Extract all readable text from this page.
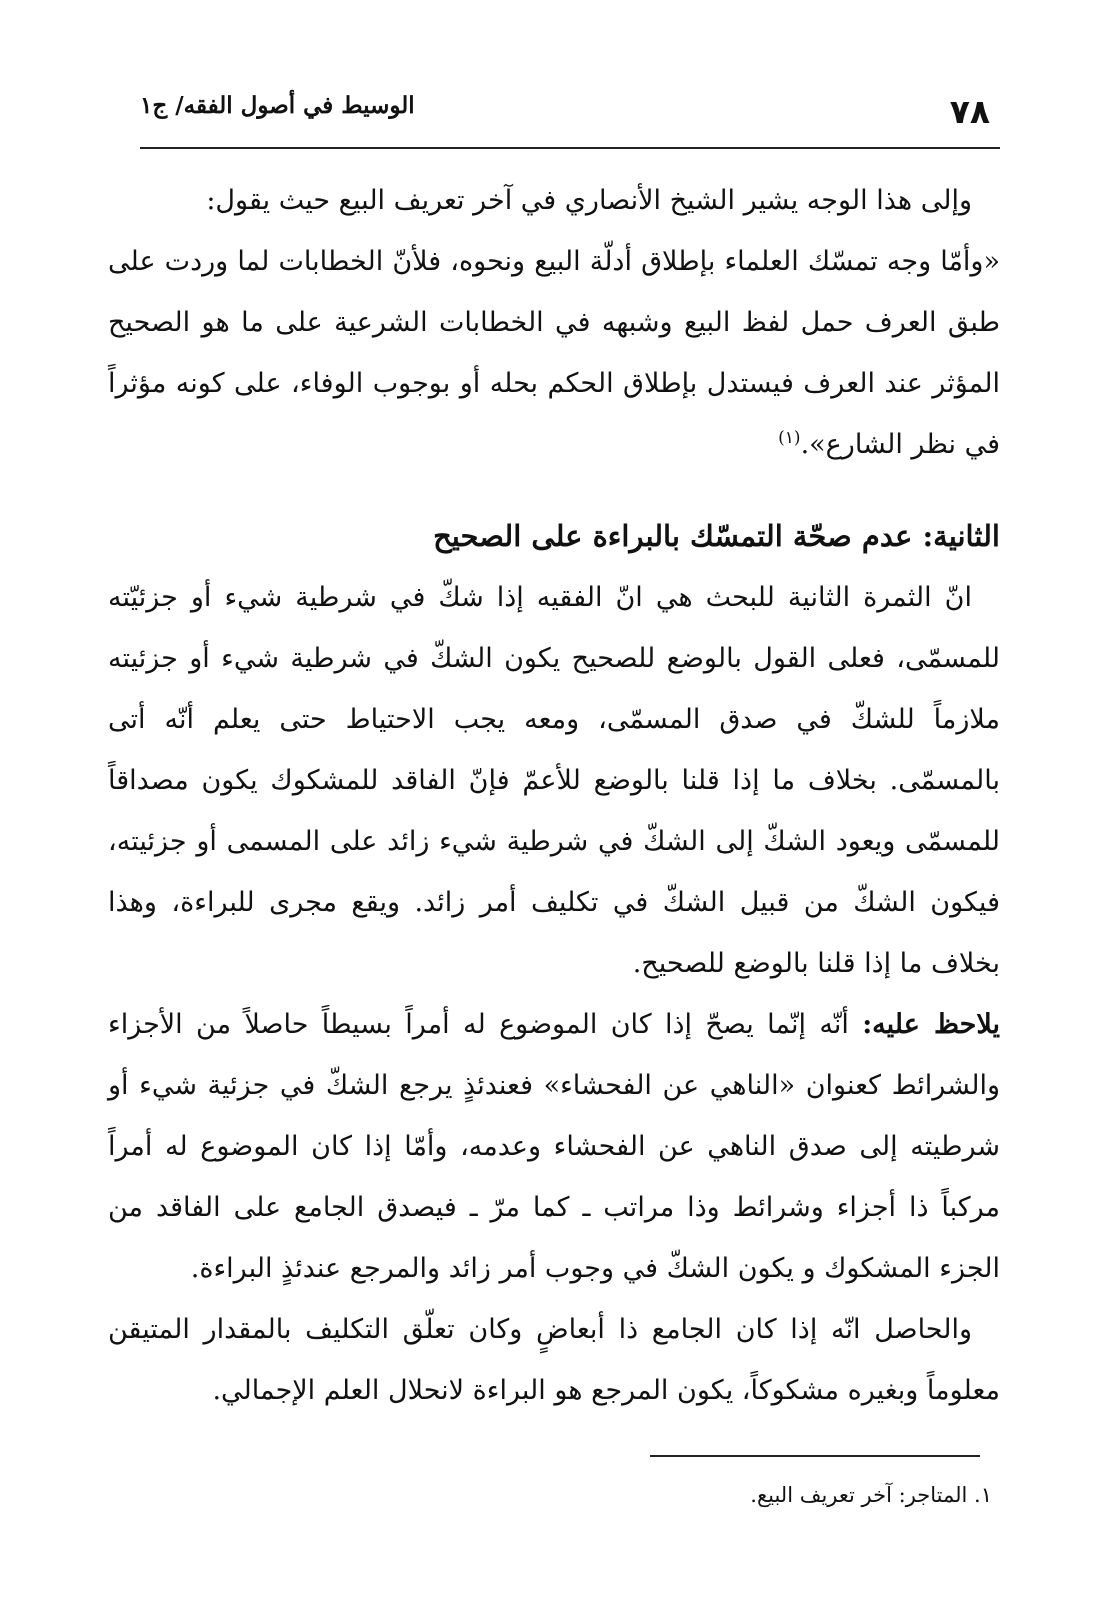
٧٨
الوسيط في أصول الفقه/ ج١

وإلى هذا الوجه يشير الشيخ الأنصاري في آخر تعريف البيع حيث يقول:

«وأمّا وجه تمسّك العلماء بإطلاق أدلّة البيع ونحوه، فلأنّ الخطابات لما وردت على طبق العرف حمل لفظ البيع وشبهه في الخطابات الشرعية على ما هو الصحيح المؤثر عند العرف فيستدل بإطلاق الحكم بحله أو بوجوب الوفاء، على كونه مؤثراً في نظر الشارع».$^{(١)}$

الثانية: عدم صحّة التمسّك بالبراءة على الصحيح

انّ الثمرة الثانية للبحث هي انّ الفقيه إذا شكّ في شرطية شيء أو جزئيّته للمسمّى، فعلى القول بالوضع للصحيح يكون الشكّ في شرطية شيء أو جزئيته ملازماً للشكّ في صدق المسمّى، ومعه يجب الاحتياط حتى يعلم أنّه أتى بالمسمّى. بخلاف ما إذا قلنا بالوضع للأعمّ فإنّ الفاقد للمشكوك يكون مصداقاً للمسمّى ويعود الشكّ إلى الشكّ في شرطية شيء زائد على المسمى أو جزئيته، فيكون الشكّ من قبيل الشكّ في تكليف أمر زائد. ويقع مجرى للبراءة، وهذا بخلاف ما إذا قلنا بالوضع للصحيح.

يلاحظ عليه: أنّه إنّما يصحّ إذا كان الموضوع له أمراً بسيطاً حاصلاً من الأجزاء والشرائط كعنوان «الناهي عن الفحشاء» فعندئذٍ يرجع الشكّ في جزئية شيء أو شرطيته إلى صدق الناهي عن الفحشاء وعدمه، وأمّا إذا كان الموضوع له أمراً مركباً ذا أجزاء وشرائط وذا مراتب ـ كما مرّ ـ فيصدق الجامع على الفاقد من الجزء المشكوك و يكون الشكّ في وجوب أمر زائد والمرجع عندئذٍ البراءة.

والحاصل انّه إذا كان الجامع ذا أبعاضٍ وكان تعلّق التكليف بالمقدار المتيقن معلوماً وبغيره مشكوكاً، يكون المرجع هو البراءة لانحلال العلم الإجمالي.

١. المتاجر: آخر تعريف البيع.
